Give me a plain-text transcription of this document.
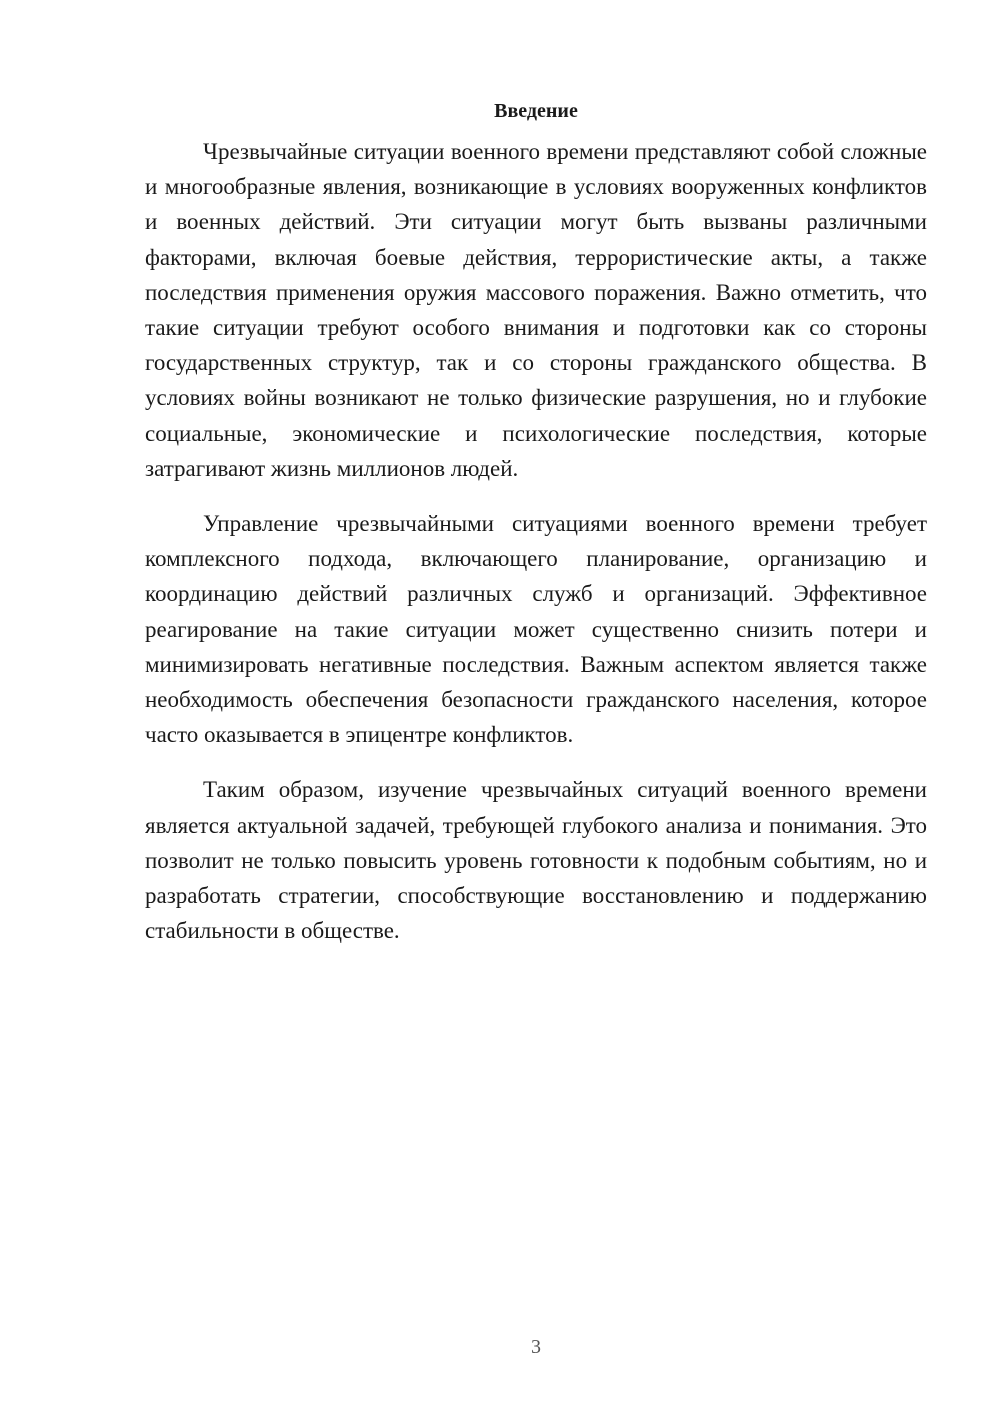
Введение

Чрезвычайные ситуации военного времени представляют собой сложные и многообразные явления, возникающие в условиях вооруженных конфликтов и военных действий. Эти ситуации могут быть вызваны различными факторами, включая боевые действия, террористические акты, а также последствия применения оружия массового поражения. Важно отметить, что такие ситуации требуют особого внимания и подготовки как со стороны государственных структур, так и со стороны гражданского общества. В условиях войны возникают не только физические разрушения, но и глубокие социальные, экономические и психологические последствия, которые затрагивают жизнь миллионов людей.

Управление чрезвычайными ситуациями военного времени требует комплексного подхода, включающего планирование, организацию и координацию действий различных служб и организаций. Эффективное реагирование на такие ситуации может существенно снизить потери и минимизировать негативные последствия. Важным аспектом является также необходимость обеспечения безопасности гражданского населения, которое часто оказывается в эпицентре конфликтов.

Таким образом, изучение чрезвычайных ситуаций военного времени является актуальной задачей, требующей глубокого анализа и понимания. Это позволит не только повысить уровень готовности к подобным событиям, но и разработать стратегии, способствующие восстановлению и поддержанию стабильности в обществе.

3
